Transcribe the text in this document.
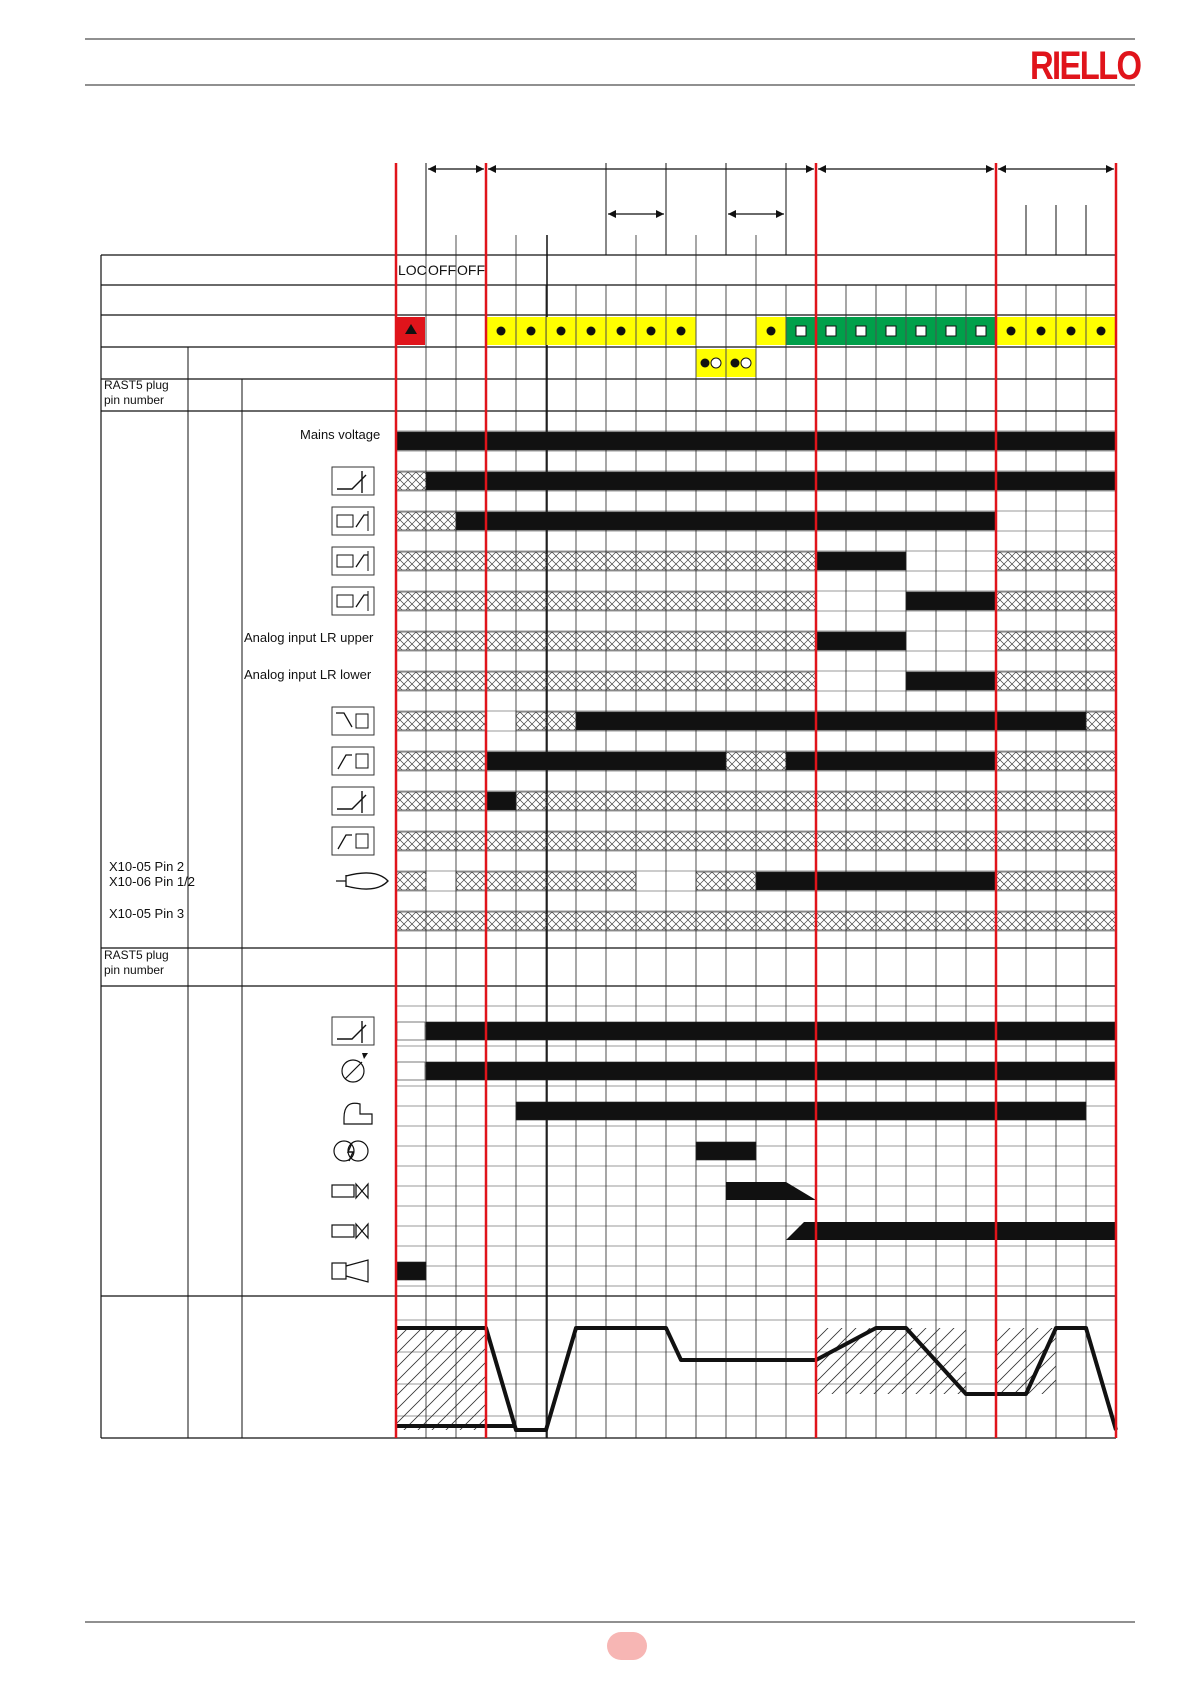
RIELLO
LOC OFF OFF
RAST5 plug
pin number
RAST5 plug
pin number
Mains voltage
Analog input LR upper
Analog input LR lower
X10-05 Pin 2
X10-06 Pin 1/2
X10-05 Pin 3
